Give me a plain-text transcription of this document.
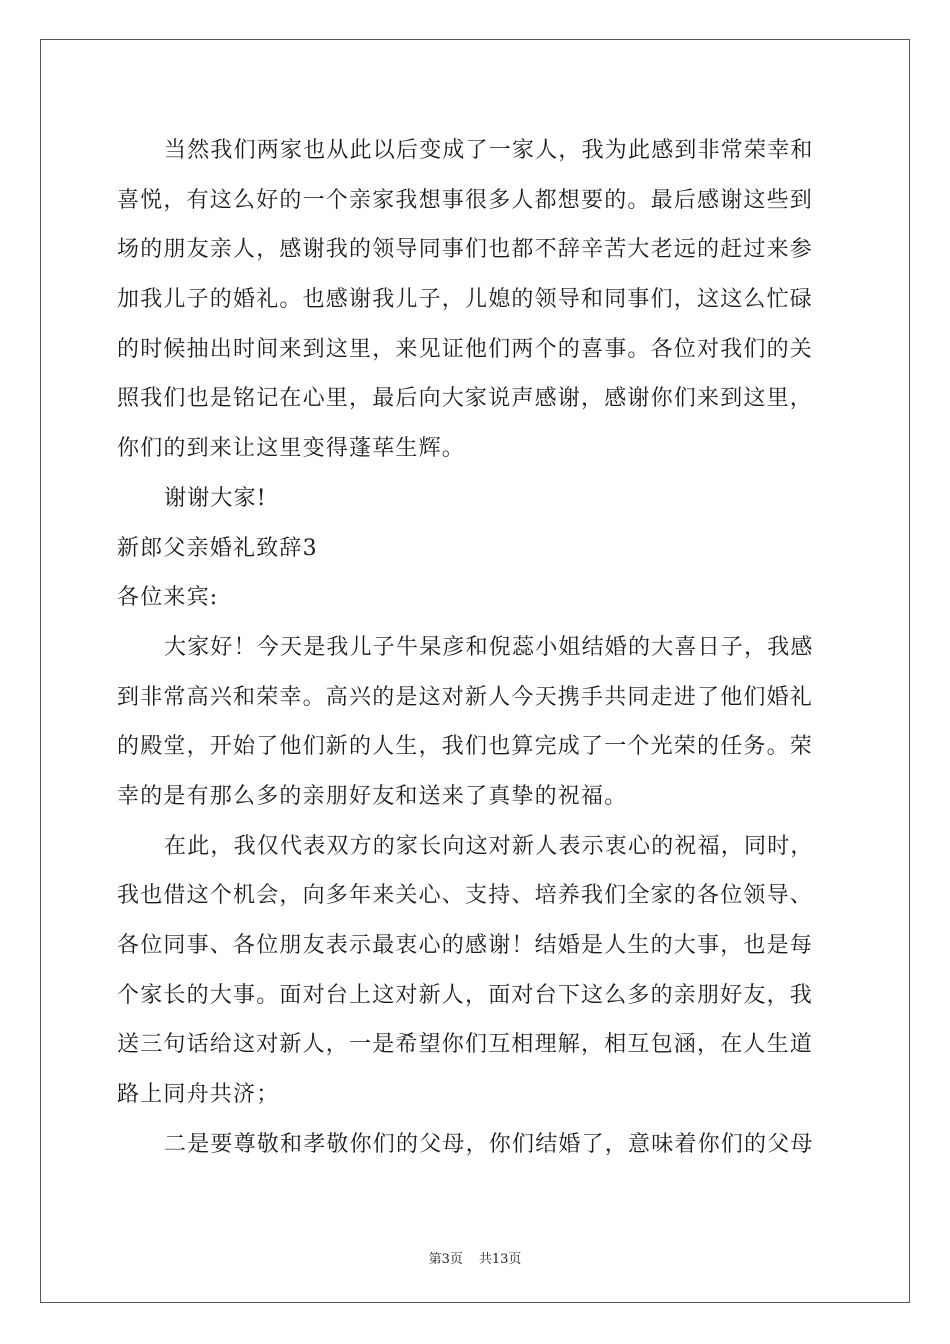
当然我们两家也从此以后变成了一家人，我为此感到非常荣幸和
喜悦，有这么好的一个亲家我想事很多人都想要的。最后感谢这些到
场的朋友亲人，感谢我的领导同事们也都不辞辛苦大老远的赶过来参
加我儿子的婚礼。也感谢我儿子，儿媳的领导和同事们，这这么忙碌
的时候抽出时间来到这里，来见证他们两个的喜事。各位对我们的关
照我们也是铭记在心里，最后向大家说声感谢，感谢你们来到这里，
你们的到来让这里变得蓬荜生辉。
谢谢大家!
新郎父亲婚礼致辞3
各位来宾:
大家好！今天是我儿子牛杲彦和倪蕊小姐结婚的大喜日子，我感
到非常高兴和荣幸。高兴的是这对新人今天携手共同走进了他们婚礼
的殿堂，开始了他们新的人生，我们也算完成了一个光荣的任务。荣
幸的是有那么多的亲朋好友和送来了真挚的祝福。
在此，我仅代表双方的家长向这对新人表示衷心的祝福，同时，
我也借这个机会，向多年来关心、支持、培养我们全家的各位领导、
各位同事、各位朋友表示最衷心的感谢！结婚是人生的大事，也是每
个家长的大事。面对台上这对新人，面对台下这么多的亲朋好友，我
送三句话给这对新人，一是希望你们互相理解，相互包涵，在人生道
路上同舟共济；
二是要尊敬和孝敬你们的父母，你们结婚了，意味着你们的父母
第3页 共13页
